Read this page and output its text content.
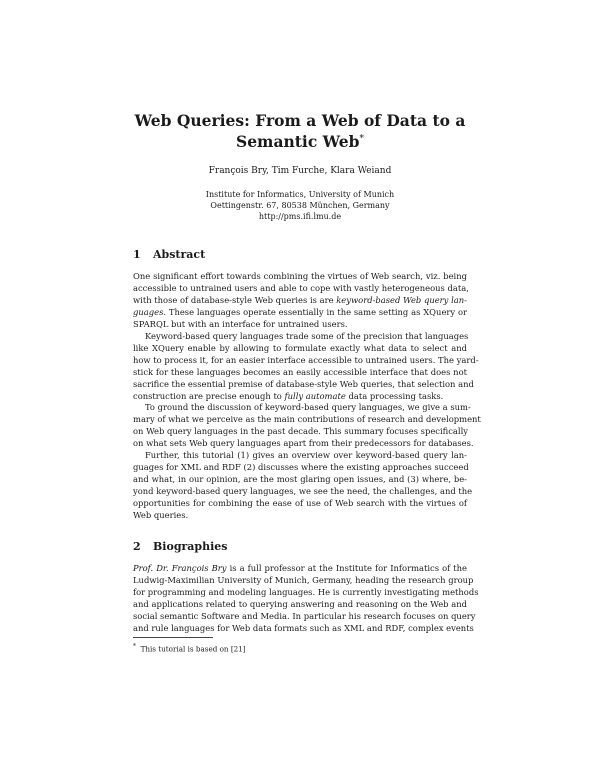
Web Queries: From a Web of Data to a Semantic Web*
François Bry, Tim Furche, Klara Weiand
Institute for Informatics, University of Munich
Oettingenstr. 67, 80538 München, Germany
http://pms.ifi.lmu.de
1 Abstract
One significant effort towards combining the virtues of Web search, viz. being
accessible to untrained users and able to cope with vastly heterogeneous data,
with those of database-style Web queries is are keyword-based Web query lan-
guages. These languages operate essentially in the same setting as XQuery or
SPARQL but with an interface for untrained users.
Keyword-based query languages trade some of the precision that languages
like XQuery enable by allowing to formulate exactly what data to select and
how to process it, for an easier interface accessible to untrained users. The yard-
stick for these languages becomes an easily accessible interface that does not
sacrifice the essential premise of database-style Web queries, that selection and
construction are precise enough to fully automate data processing tasks.
To ground the discussion of keyword-based query languages, we give a sum-
mary of what we perceive as the main contributions of research and development
on Web query languages in the past decade. This summary focuses specifically
on what sets Web query languages apart from their predecessors for databases.
Further, this tutorial (1) gives an overview over keyword-based query lan-
guages for XML and RDF (2) discusses where the existing approaches succeed
and what, in our opinion, are the most glaring open issues, and (3) where, be-
yond keyword-based query languages, we see the need, the challenges, and the
opportunities for combining the ease of use of Web search with the virtues of
Web queries.
2 Biographies
Prof. Dr. François Bry is a full professor at the Institute for Informatics of the
Ludwig-Maximilian University of Munich, Germany, heading the research group
for programming and modeling languages. He is currently investigating methods
and applications related to querying answering and reasoning on the Web and
social semantic Software and Media. In particular his research focuses on query
and rule languages for Web data formats such as XML and RDF, complex events
* This tutorial is based on [21]
